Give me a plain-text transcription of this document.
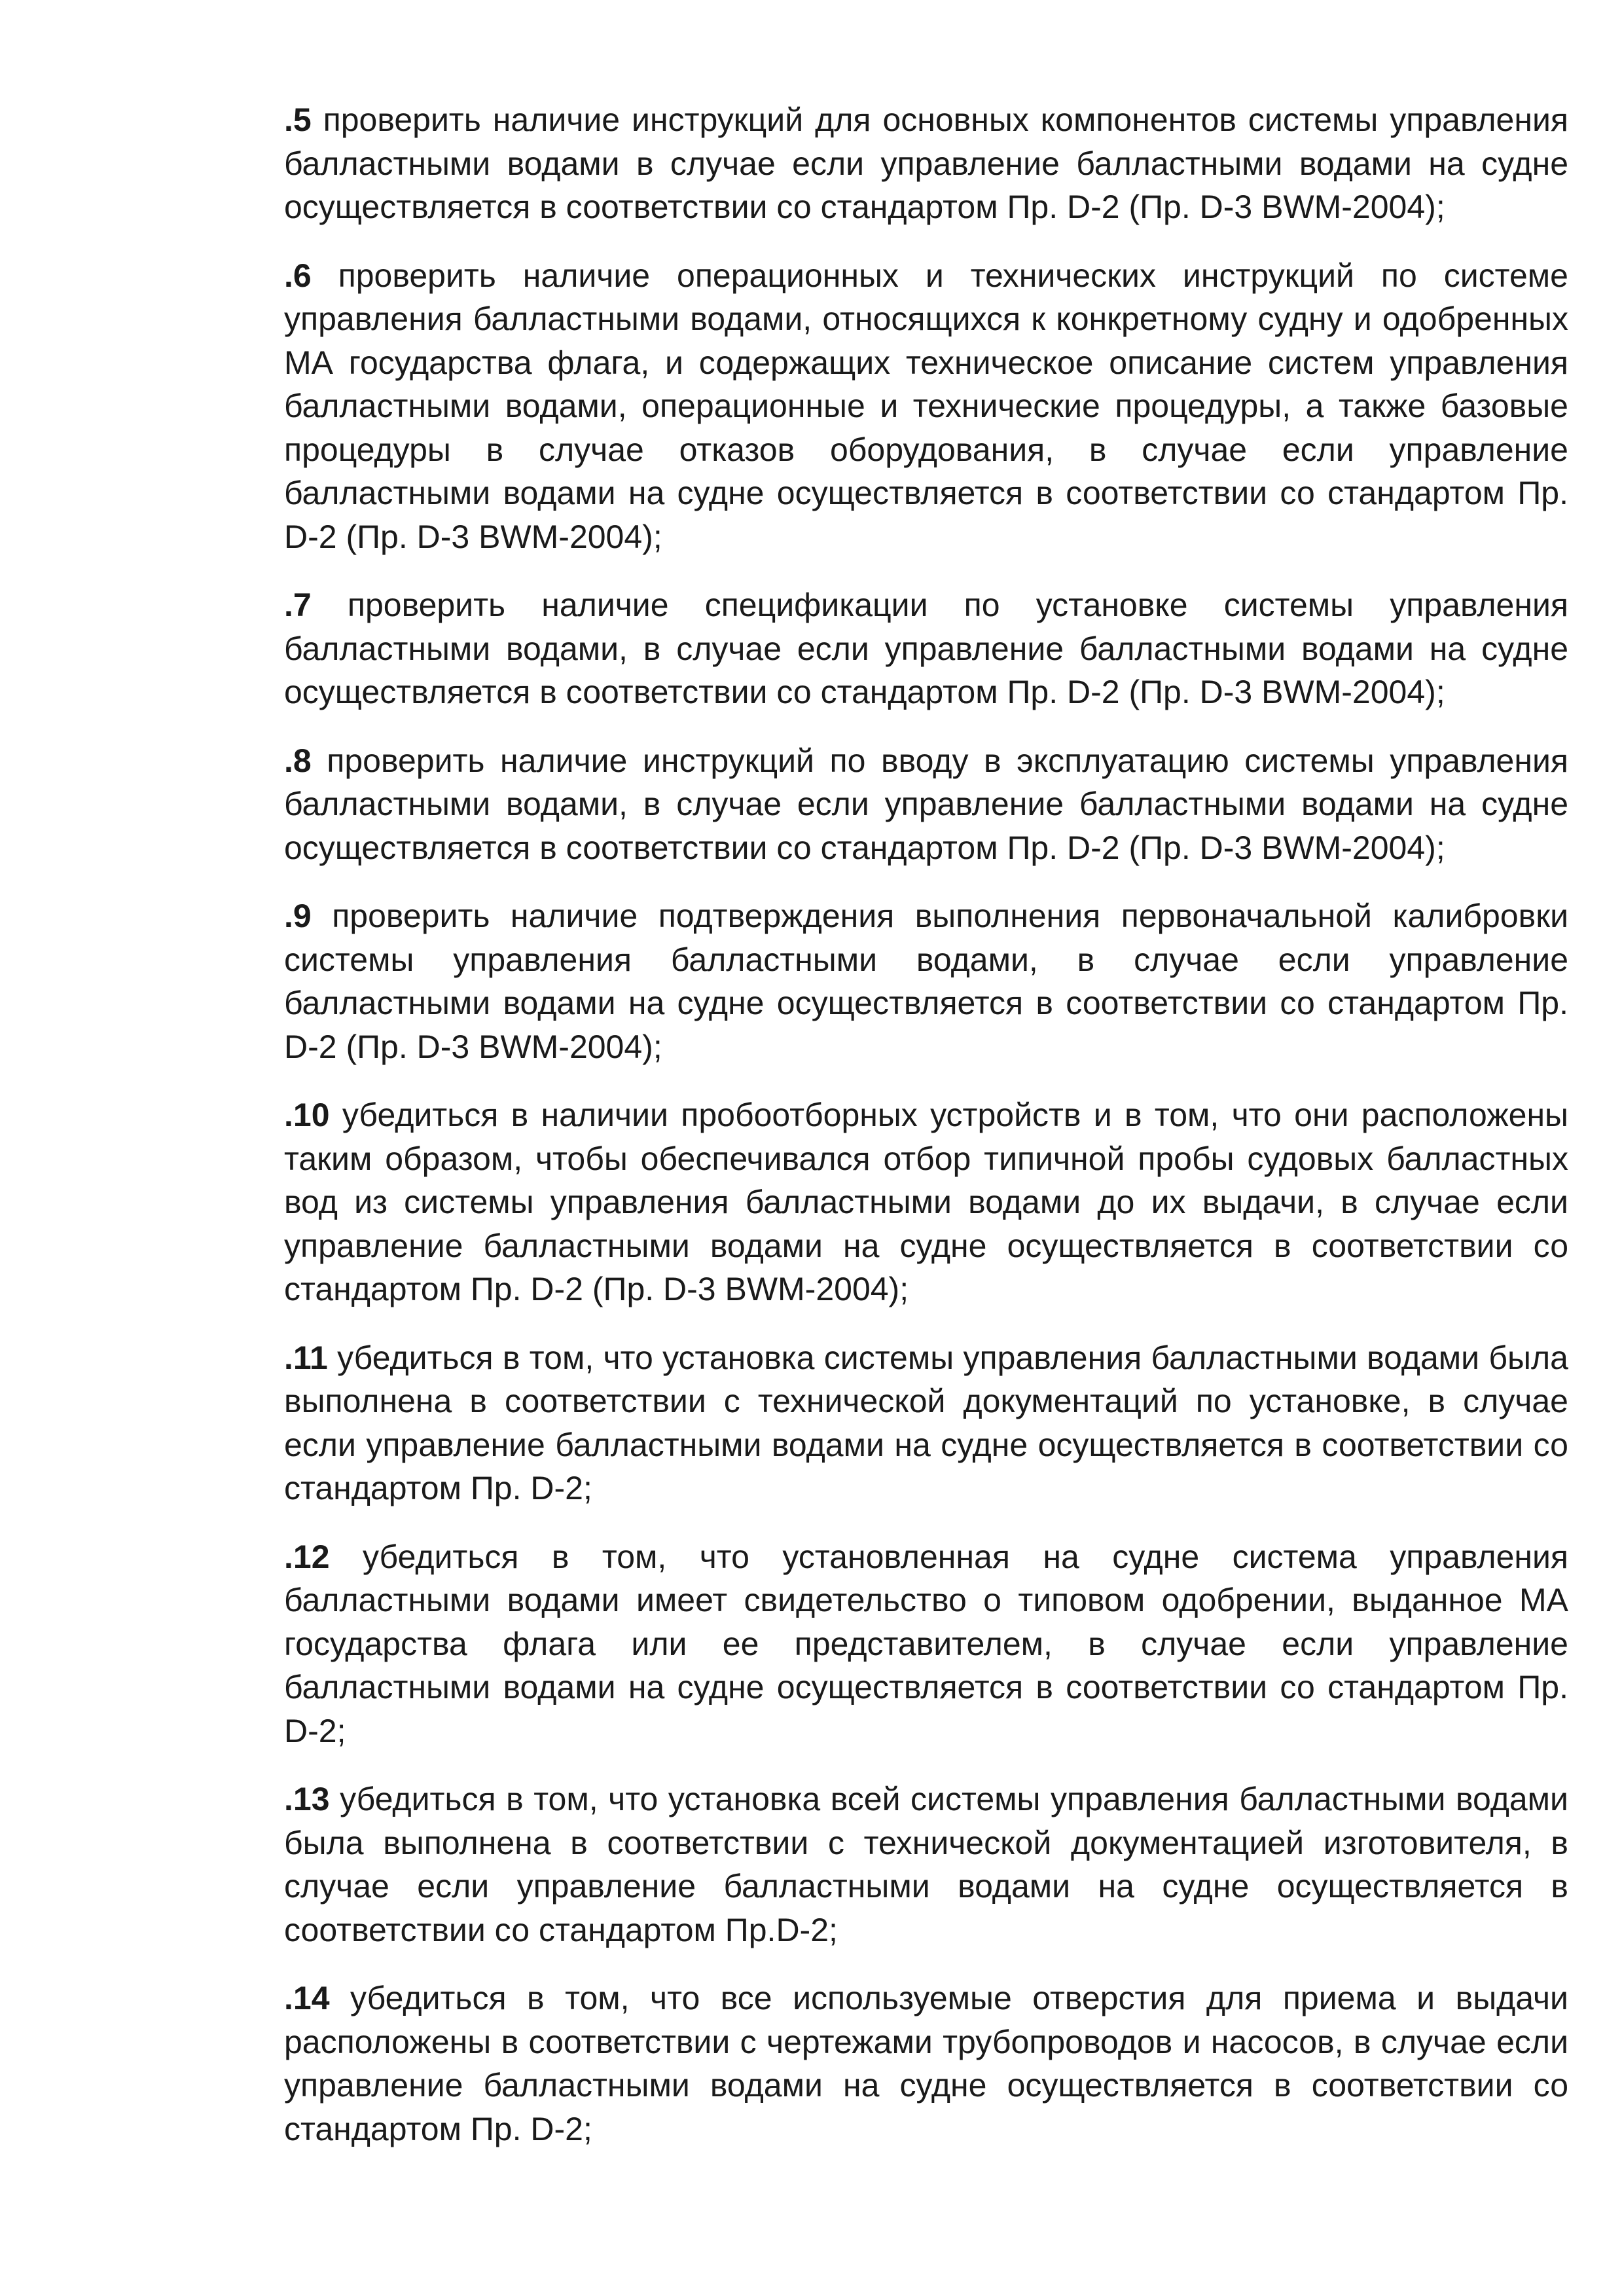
.5 проверить наличие инструкций для основных компонентов системы управления балластными водами в случае если управление балластными водами на судне осуществляется в соответствии со стандартом Пр. D-2 (Пр. D-3 BWM-2004);

.6 проверить наличие операционных и технических инструкций по системе управления балластными водами, относящихся к конкретному судну и одобренных МА государства флага, и содержащих техническое описание систем управления балластными водами, операционные и технические процедуры, а также базовые процедуры в случае отказов оборудования, в случае если управление балластными водами на судне осуществляется в соответствии со стандартом Пр. D-2 (Пр. D-3 BWM-2004);

.7 проверить наличие спецификации по установке системы управления балластными водами, в случае если управление балластными водами на судне осуществляется в соответствии со стандартом Пр. D-2 (Пр. D-3 BWM-2004);

.8 проверить наличие инструкций по вводу в эксплуатацию системы управления балластными водами, в случае если управление балластными водами на судне осуществляется в соответствии со стандартом Пр. D-2 (Пр. D-3 BWM-2004);

.9 проверить наличие подтверждения выполнения первоначальной калибровки системы управления балластными водами, в случае если управление балластными водами на судне осуществляется в соответствии со стандартом Пр. D-2 (Пр. D-3 BWM-2004);

.10 убедиться в наличии пробоотборных устройств и в том, что они расположены таким образом, чтобы обеспечивался отбор типичной пробы судовых балластных вод из системы управления балластными водами до их выдачи, в случае если управление балластными водами на судне осуществляется в соответствии со стандартом Пр. D-2 (Пр. D-3 BWM-2004);

.11 убедиться в том, что установка системы управления балластными водами была выполнена в соответствии с технической документаций по установке, в случае если управление балластными водами на судне осуществляется в соответствии со стандартом Пр. D-2;

.12 убедиться в том, что установленная на судне система управления балластными водами имеет свидетельство о типовом одобрении, выданное МА государства флага или ее представителем, в случае если управление балластными водами на судне осуществляется в соответствии со стандартом Пр. D-2;

.13 убедиться в том, что установка всей системы управления балластными водами была выполнена в соответствии с технической документацией изготовителя, в случае если управление балластными водами на судне осуществляется в соответствии со стандартом Пр.D-2;

.14 убедиться в том, что все используемые отверстия для приема и выдачи расположены в соответствии с чертежами трубопроводов и насосов, в случае если управление балластными водами на судне осуществляется в соответствии со стандартом Пр. D-2;
